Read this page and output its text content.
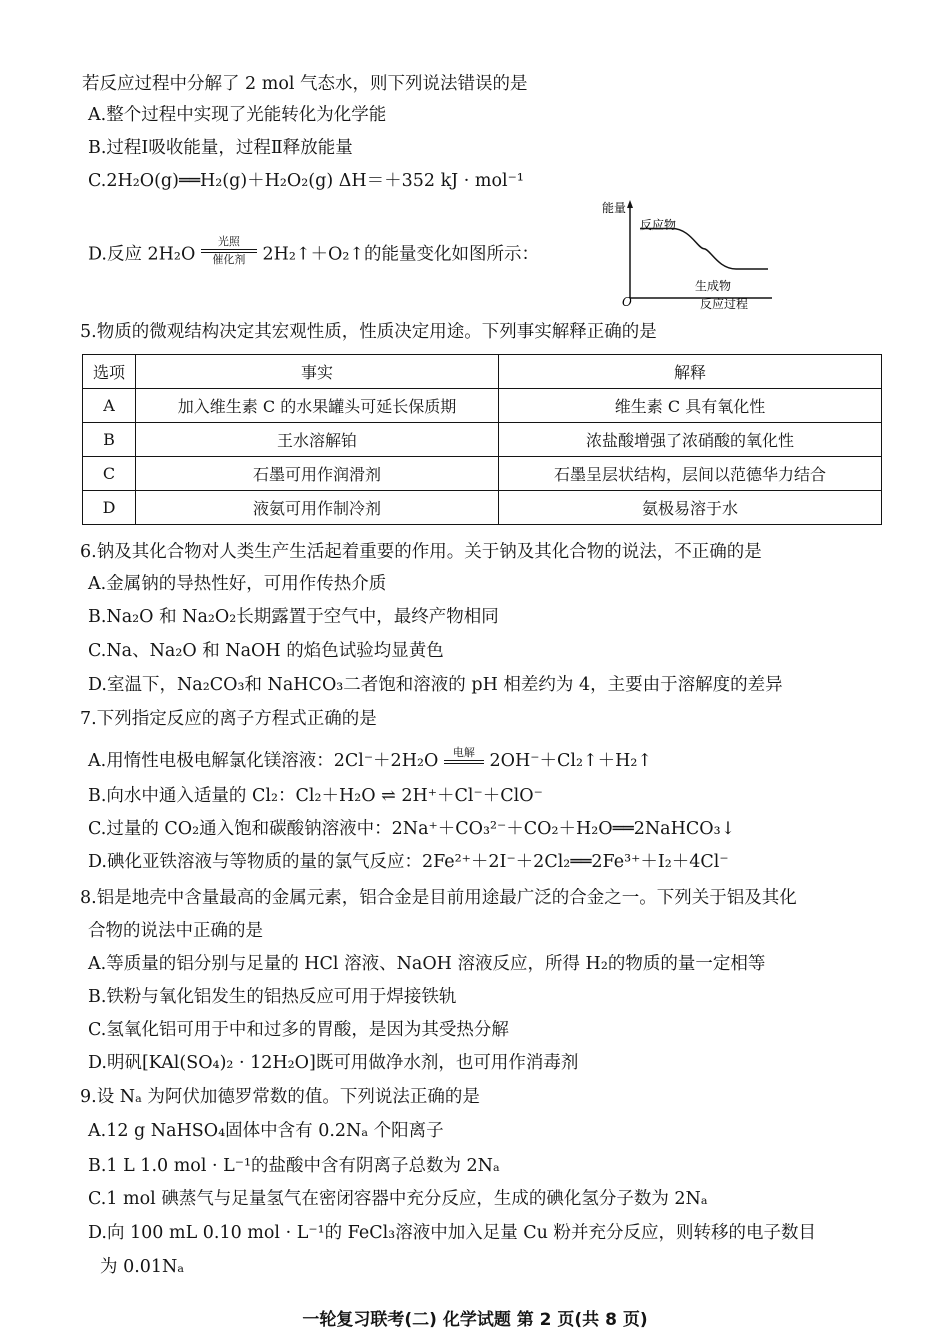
若反应过程中分解了 2 mol 气态水，则下列说法错误的是
A.整个过程中实现了光能转化为化学能
B.过程Ⅰ吸收能量，过程Ⅱ释放能量
C.2H₂O(g)══H₂(g)＋H₂O₂(g) ΔH＝＋352 kJ · mol⁻¹
D.反应 2H₂O
光照
催化剂 2H₂↑＋O₂↑的能量变化如图所示：
能量
O	反应过程
反应物
生成物
5.物质的微观结构决定其宏观性质，性质决定用途。下列事实解释正确的是
选项	事实	解释
A	加入维生素 C 的水果罐头可延长保质期	维生素 C 具有氧化性
B	王水溶解铂	浓盐酸增强了浓硝酸的氧化性
C	石墨可用作润滑剂	石墨呈层状结构，层间以范德华力结合
D	液氨可用作制冷剂	氨极易溶于水
6.钠及其化合物对人类生产生活起着重要的作用。关于钠及其化合物的说法，不正确的是
A.金属钠的导热性好，可用作传热介质
B.Na₂O 和 Na₂O₂长期露置于空气中，最终产物相同
C.Na、Na₂O 和 NaOH 的焰色试验均显黄色
D.室温下，Na₂CO₃和 NaHCO₃二者饱和溶液的 pH 相差约为 4，主要由于溶解度的差异
7.下列指定反应的离子方程式正确的是
A.用惰性电极电解氯化镁溶液：2Cl⁻＋2H₂O	电解 2OH⁻＋Cl₂↑＋H₂↑
B.向水中通入适量的 Cl₂：Cl₂＋H₂O ⇌ 2H⁺＋Cl⁻＋ClO⁻
C.过量的 CO₂通入饱和碳酸钠溶液中：2Na⁺＋CO₃²⁻＋CO₂＋H₂O══2NaHCO₃↓
D.碘化亚铁溶液与等物质的量的氯气反应：2Fe²⁺＋2I⁻＋2Cl₂══2Fe³⁺＋I₂＋4Cl⁻
8.铝是地壳中含量最高的金属元素，铝合金是目前用途最广泛的合金之一。下列关于铝及其化
合物的说法中正确的是
A.等质量的铝分别与足量的 HCl 溶液、NaOH 溶液反应，所得 H₂的物质的量一定相等
B.铁粉与氧化铝发生的铝热反应可用于焊接铁轨
C.氢氧化铝可用于中和过多的胃酸，是因为其受热分解
D.明矾[KAl(SO₄)₂ · 12H₂O]既可用做净水剂，也可用作消毒剂
9.设 Nₐ 为阿伏加德罗常数的值。下列说法正确的是
A.12 g NaHSO₄固体中含有 0.2Nₐ 个阳离子
B.1 L 1.0 mol · L⁻¹的盐酸中含有阴离子总数为 2Nₐ
C.1 mol 碘蒸气与足量氢气在密闭容器中充分反应，生成的碘化氢分子数为 2Nₐ
D.向 100 mL 0.10 mol · L⁻¹的 FeCl₃溶液中加入足量 Cu 粉并充分反应，则转移的电子数目
为 0.01Nₐ
一轮复习联考(二) 化学试题 第 2 页(共 8 页)
